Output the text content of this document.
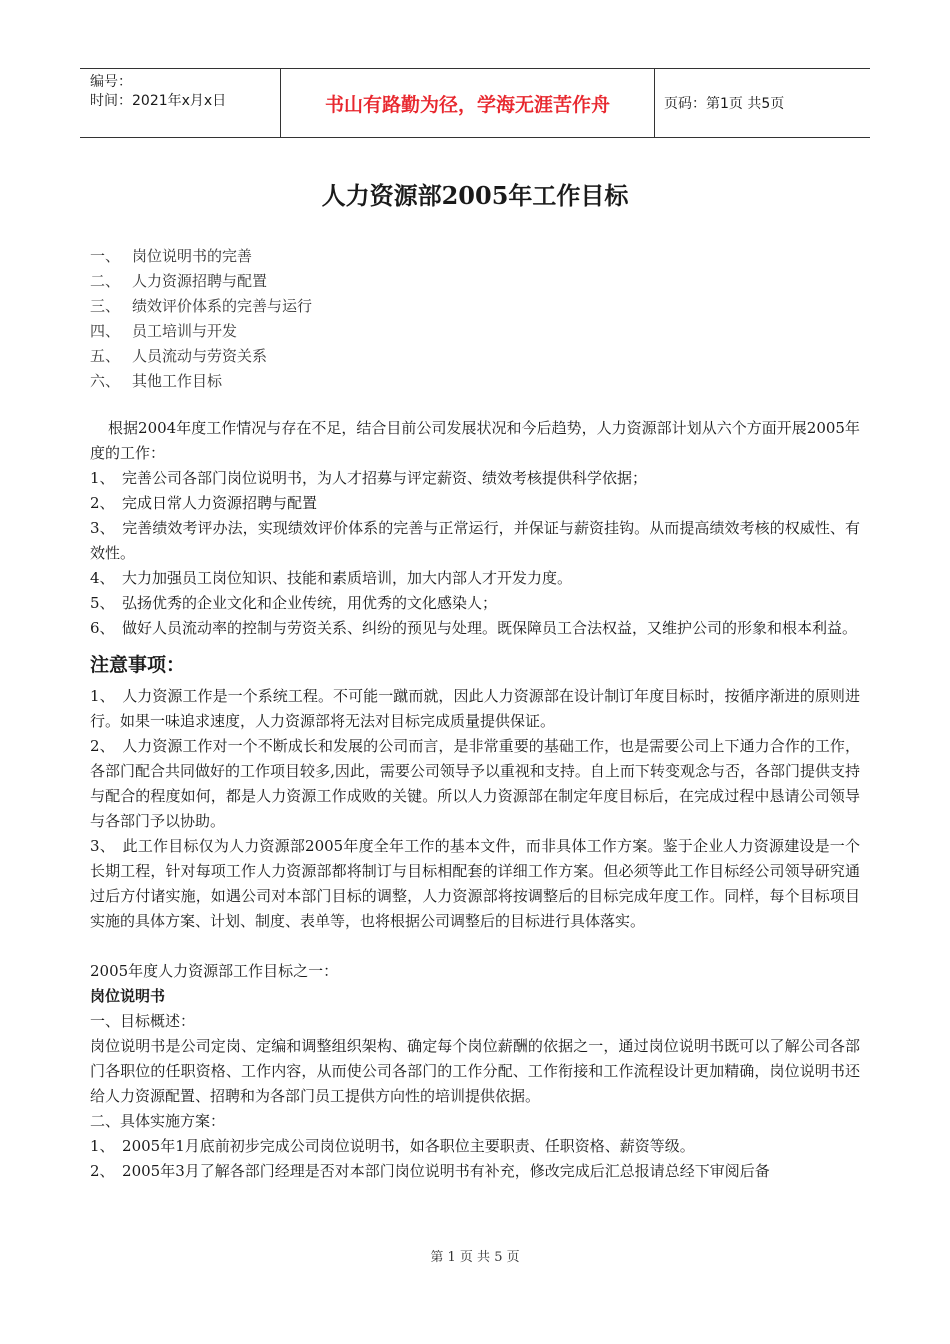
编号：
时间：2021年x月x日	书山有路勤为径，学海无涯苦作舟	页码：第1页 共5页
人力资源部2005年工作目标
一、 岗位说明书的完善
二、 人力资源招聘与配置
三、 绩效评价体系的完善与运行
四、 员工培训与开发
五、 人员流动与劳资关系
六、 其他工作目标

根据2004年度工作情况与存在不足，结合目前公司发展状况和今后趋势，人力资源部计划从六个方面开展2005年度的工作：

1、　完善公司各部门岗位说明书，为人才招募与评定薪资、绩效考核提供科学依据；

2、　完成日常人力资源招聘与配置

3、　完善绩效考评办法，实现绩效评价体系的完善与正常运行，并保证与薪资挂钩。从而提高绩效考核的权威性、有效性。

4、　大力加强员工岗位知识、技能和素质培训，加大内部人才开发力度。

5、　弘扬优秀的企业文化和企业传统，用优秀的文化感染人；

6、　做好人员流动率的控制与劳资关系、纠纷的预见与处理。既保障员工合法权益，又维护公司的形象和根本利益。

注意事项：

1、　人力资源工作是一个系统工程。不可能一蹴而就，因此人力资源部在设计制订年度目标时，按循序渐进的原则进行。如果一味追求速度，人力资源部将无法对目标完成质量提供保证。

2、　人力资源工作对一个不断成长和发展的公司而言，是非常重要的基础工作，也是需要公司上下通力合作的工作，各部门配合共同做好的工作项目较多,因此，需要公司领导予以重视和支持。自上而下转变观念与否，各部门提供支持与配合的程度如何，都是人力资源工作成败的关键。所以人力资源部在制定年度目标后，在完成过程中恳请公司领导与各部门予以协助。

3、　此工作目标仅为人力资源部2005年度全年工作的基本文件，而非具体工作方案。鉴于企业人力资源建设是一个长期工程，针对每项工作人力资源部都将制订与目标相配套的详细工作方案。但必须等此工作目标经公司领导研究通过后方付诸实施，如遇公司对本部门目标的调整，人力资源部将按调整后的目标完成年度工作。同样，每个目标项目实施的具体方案、计划、制度、表单等，也将根据公司调整后的目标进行具体落实。

2005年度人力资源部工作目标之一：

岗位说明书

一、目标概述：

岗位说明书是公司定岗、定编和调整组织架构、确定每个岗位薪酬的依据之一，通过岗位说明书既可以了解公司各部门各职位的任职资格、工作内容，从而使公司各部门的工作分配、工作衔接和工作流程设计更加精确，岗位说明书还给人力资源配置、招聘和为各部门员工提供方向性的培训提供依据。

二、具体实施方案：

1、　2005年1月底前初步完成公司岗位说明书，如各职位主要职责、任职资格、薪资等级。

2、　2005年3月了解各部门经理是否对本部门岗位说明书有补充，修改完成后汇总报请总经下审阅后备

第 1 页 共 5 页
